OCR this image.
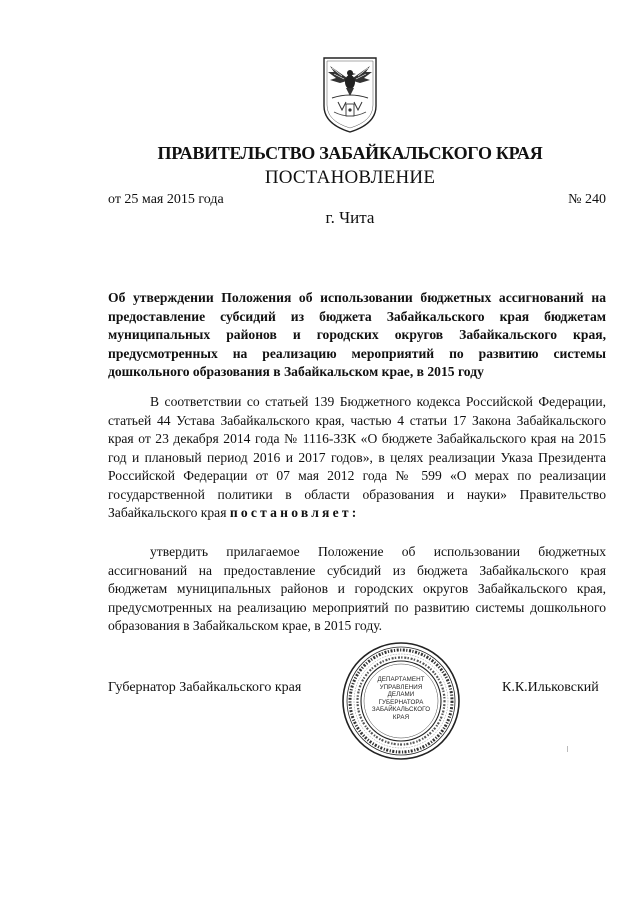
ПРАВИТЕЛЬСТВО ЗАБАЙКАЛЬСКОГО КРАЯ
ПОСТАНОВЛЕНИЕ
от 25 мая 2015 года	№ 240
г. Чита
Об утверждении Положения об использовании бюджетных ассигнований на предоставление субсидий из бюджета Забайкальского края бюджетам муниципальных районов и городских округов Забайкальского края, предусмотренных на реализацию мероприятий по развитию системы дошкольного образования в Забайкальском крае, в 2015 году
В соответствии со статьей 139 Бюджетного кодекса Российской Федерации, статьей 44 Устава Забайкальского края, частью 4 статьи 17 Закона Забайкальского края от 23 декабря 2014 года № 1116-ЗЗК «О бюджете Забайкальского края на 2015 год и плановый период 2016 и 2017 годов», в целях реализации Указа Президента Российской Федерации от 07 мая 2012 года № 599 «О мерах по реализации государственной политики в области образования и науки» Правительство Забайкальского края постановляет:
утвердить прилагаемое Положение об использовании бюджетных ассигнований на предоставление субсидий из бюджета Забайкальского края бюджетам муниципальных районов и городских округов Забайкальского края, предусмотренных на реализацию мероприятий по развитию системы дошкольного образования в Забайкальском крае, в 2015 году.
Губернатор Забайкальского края
ДЕПАРТАМЕНТ УПРАВЛЕНИЯ ДЕЛАМИ ГУБЕРНАТОРА ЗАБАЙКАЛЬСКОГО КРАЯ
К.К.Ильковский
